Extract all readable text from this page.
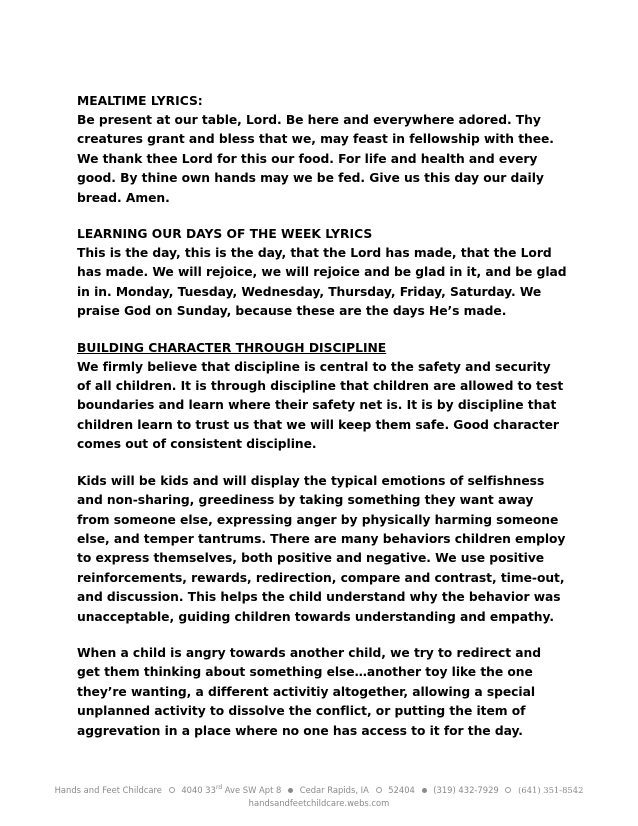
MEALTIME LYRICS:

Be present at our table, Lord. Be here and everywhere adored. Thy creatures grant and bless that we, may feast in fellowship with thee. We thank thee Lord for this our food. For life and health and every good. By thine own hands may we be fed. Give us this day our daily bread. Amen.

LEARNING OUR DAYS OF THE WEEK LYRICS

This is the day, this is the day, that the Lord has made, that the Lord has made. We will rejoice, we will rejoice and be glad in it, and be glad in in. Monday, Tuesday, Wednesday, Thursday, Friday, Saturday. We praise God on Sunday, because these are the days He’s made.

BUILDING CHARACTER THROUGH DISCIPLINE

We firmly believe that discipline is central to the safety and security of all children. It is through discipline that children are allowed to test boundaries and learn where their safety net is. It is by discipline that children learn to trust us that we will keep them safe. Good character comes out of consistent discipline.

Kids will be kids and will display the typical emotions of selfishness and non-sharing, greediness by taking something they want away from someone else, expressing anger by physically harming someone else, and temper tantrums. There are many behaviors children employ to express themselves, both positive and negative. We use positive reinforcements, rewards, redirection, compare and contrast, time-out, and discussion. This helps the child understand why the behavior was unacceptable, guiding children towards understanding and empathy.

When a child is angry towards another child, we try to redirect and get them thinking about something else…another toy like the one they’re wanting, a different activitiy altogether, allowing a special unplanned activity to dissolve the conflict, or putting the item of aggrevation in a place where no one has access to it for the day.

Hands and Feet Childcare 4040 33rd Ave SW Apt 8 Cedar Rapids, IA 52404 (319) 432-7929 (641) 351-8542
handsandfeetchildcare.webs.com
